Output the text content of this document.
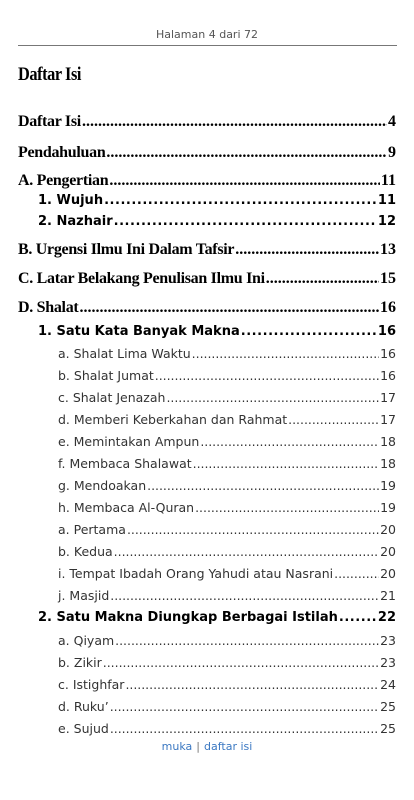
Halaman 4 dari 72
Daftar Isi
Daftar Isi . . .	4
Pendahuluan . . .	9
A. Pengertian . . .	11
1. Wujuh . . .	11
2. Nazhair . . .	12
B. Urgensi Ilmu Ini Dalam Tafsir . . .	13
C. Latar Belakang Penulisan Ilmu Ini . . .	15
D. Shalat . . .	16
1. Satu Kata Banyak Makna . . .	16
a. Shalat Lima Waktu . . .	16
b. Shalat Jumat . . .	16
c. Shalat Jenazah . . .	17
d. Memberi Keberkahan dan Rahmat . . .	17
e. Memintakan Ampun . . .	18
f. Membaca Shalawat . . .	18
g. Mendoakan . . .	19
h. Membaca Al-Quran . . .	19
a. Pertama . . .	20
b. Kedua . . .	20
i. Tempat Ibadah Orang Yahudi atau Nasrani . . .	20
j. Masjid . . .	21
2. Satu Makna Diungkap Berbagai Istilah . . .	22
a. Qiyam . . .	23
b. Zikir . . .	23
c. Istighfar . . .	24
d. Ruku’ . . .	25
e. Sujud . . .	25
muka | daftar isi
